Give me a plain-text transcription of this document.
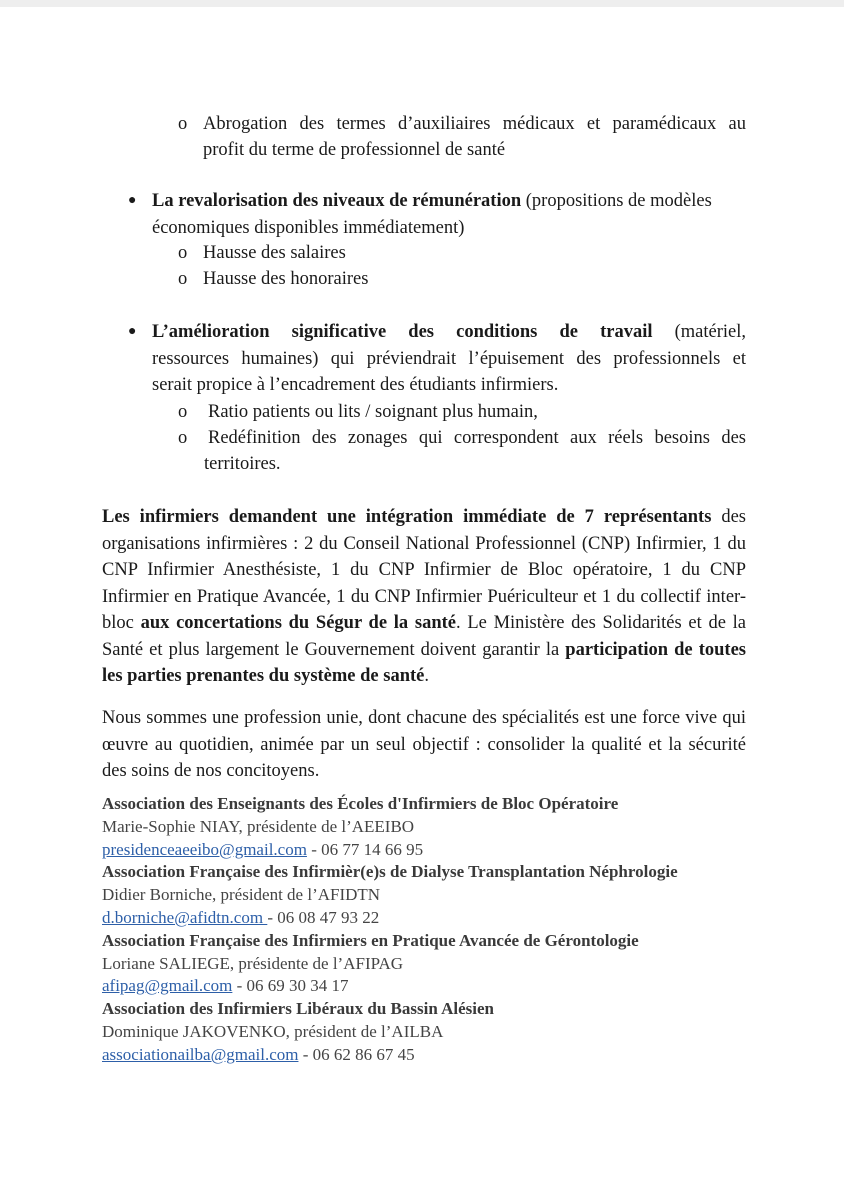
o Abrogation des termes d’auxiliaires médicaux et paramédicaux au
profit du terme de professionnel de santé
● La revalorisation des niveaux de rémunération (propositions de modèles
économiques disponibles immédiatement)
o Hausse des salaires
o Hausse des honoraires
● L’amélioration significative des conditions de travail (matériel,
ressources humaines) qui préviendrait l’épuisement des professionnels et
serait propice à l’encadrement des étudiants infirmiers.
o Ratio patients ou lits / soignant plus humain,
o Redéfinition des zonages qui correspondent aux réels besoins des
territoires.
Les infirmiers demandent une intégration immédiate de 7 représentants des organisations infirmières : 2 du Conseil National Professionnel (CNP) Infirmier, 1 du CNP Infirmier Anesthésiste, 1 du CNP Infirmier de Bloc opératoire, 1 du CNP Infirmier en Pratique Avancée, 1 du CNP Infirmier Puériculteur et 1 du collectif inter-bloc aux concertations du Ségur de la santé. Le Ministère des Solidarités et de la Santé et plus largement le Gouvernement doivent garantir la participation de toutes les parties prenantes du système de santé.
Nous sommes une profession unie, dont chacune des spécialités est une force vive qui œuvre au quotidien, animée par un seul objectif : consolider la qualité et la sécurité des soins de nos concitoyens.
Association des Enseignants des Écoles d'Infirmiers de Bloc Opératoire
Marie-Sophie NIAY, présidente de l’AEEIBO
presidenceaeeibo@gmail.com - 06 77 14 66 95
Association Française des Infirmièr(e)s de Dialyse Transplantation Néphrologie
Didier Borniche, président de l’AFIDTN
d.borniche@afidtn.com - 06 08 47 93 22
Association Française des Infirmiers en Pratique Avancée de Gérontologie
Loriane SALIEGE, présidente de l’AFIPAG
afipag@gmail.com - 06 69 30 34 17
Association des Infirmiers Libéraux du Bassin Alésien
Dominique JAKOVENKO, président de l’AILBA
associationailba@gmail.com - 06 62 86 67 45
